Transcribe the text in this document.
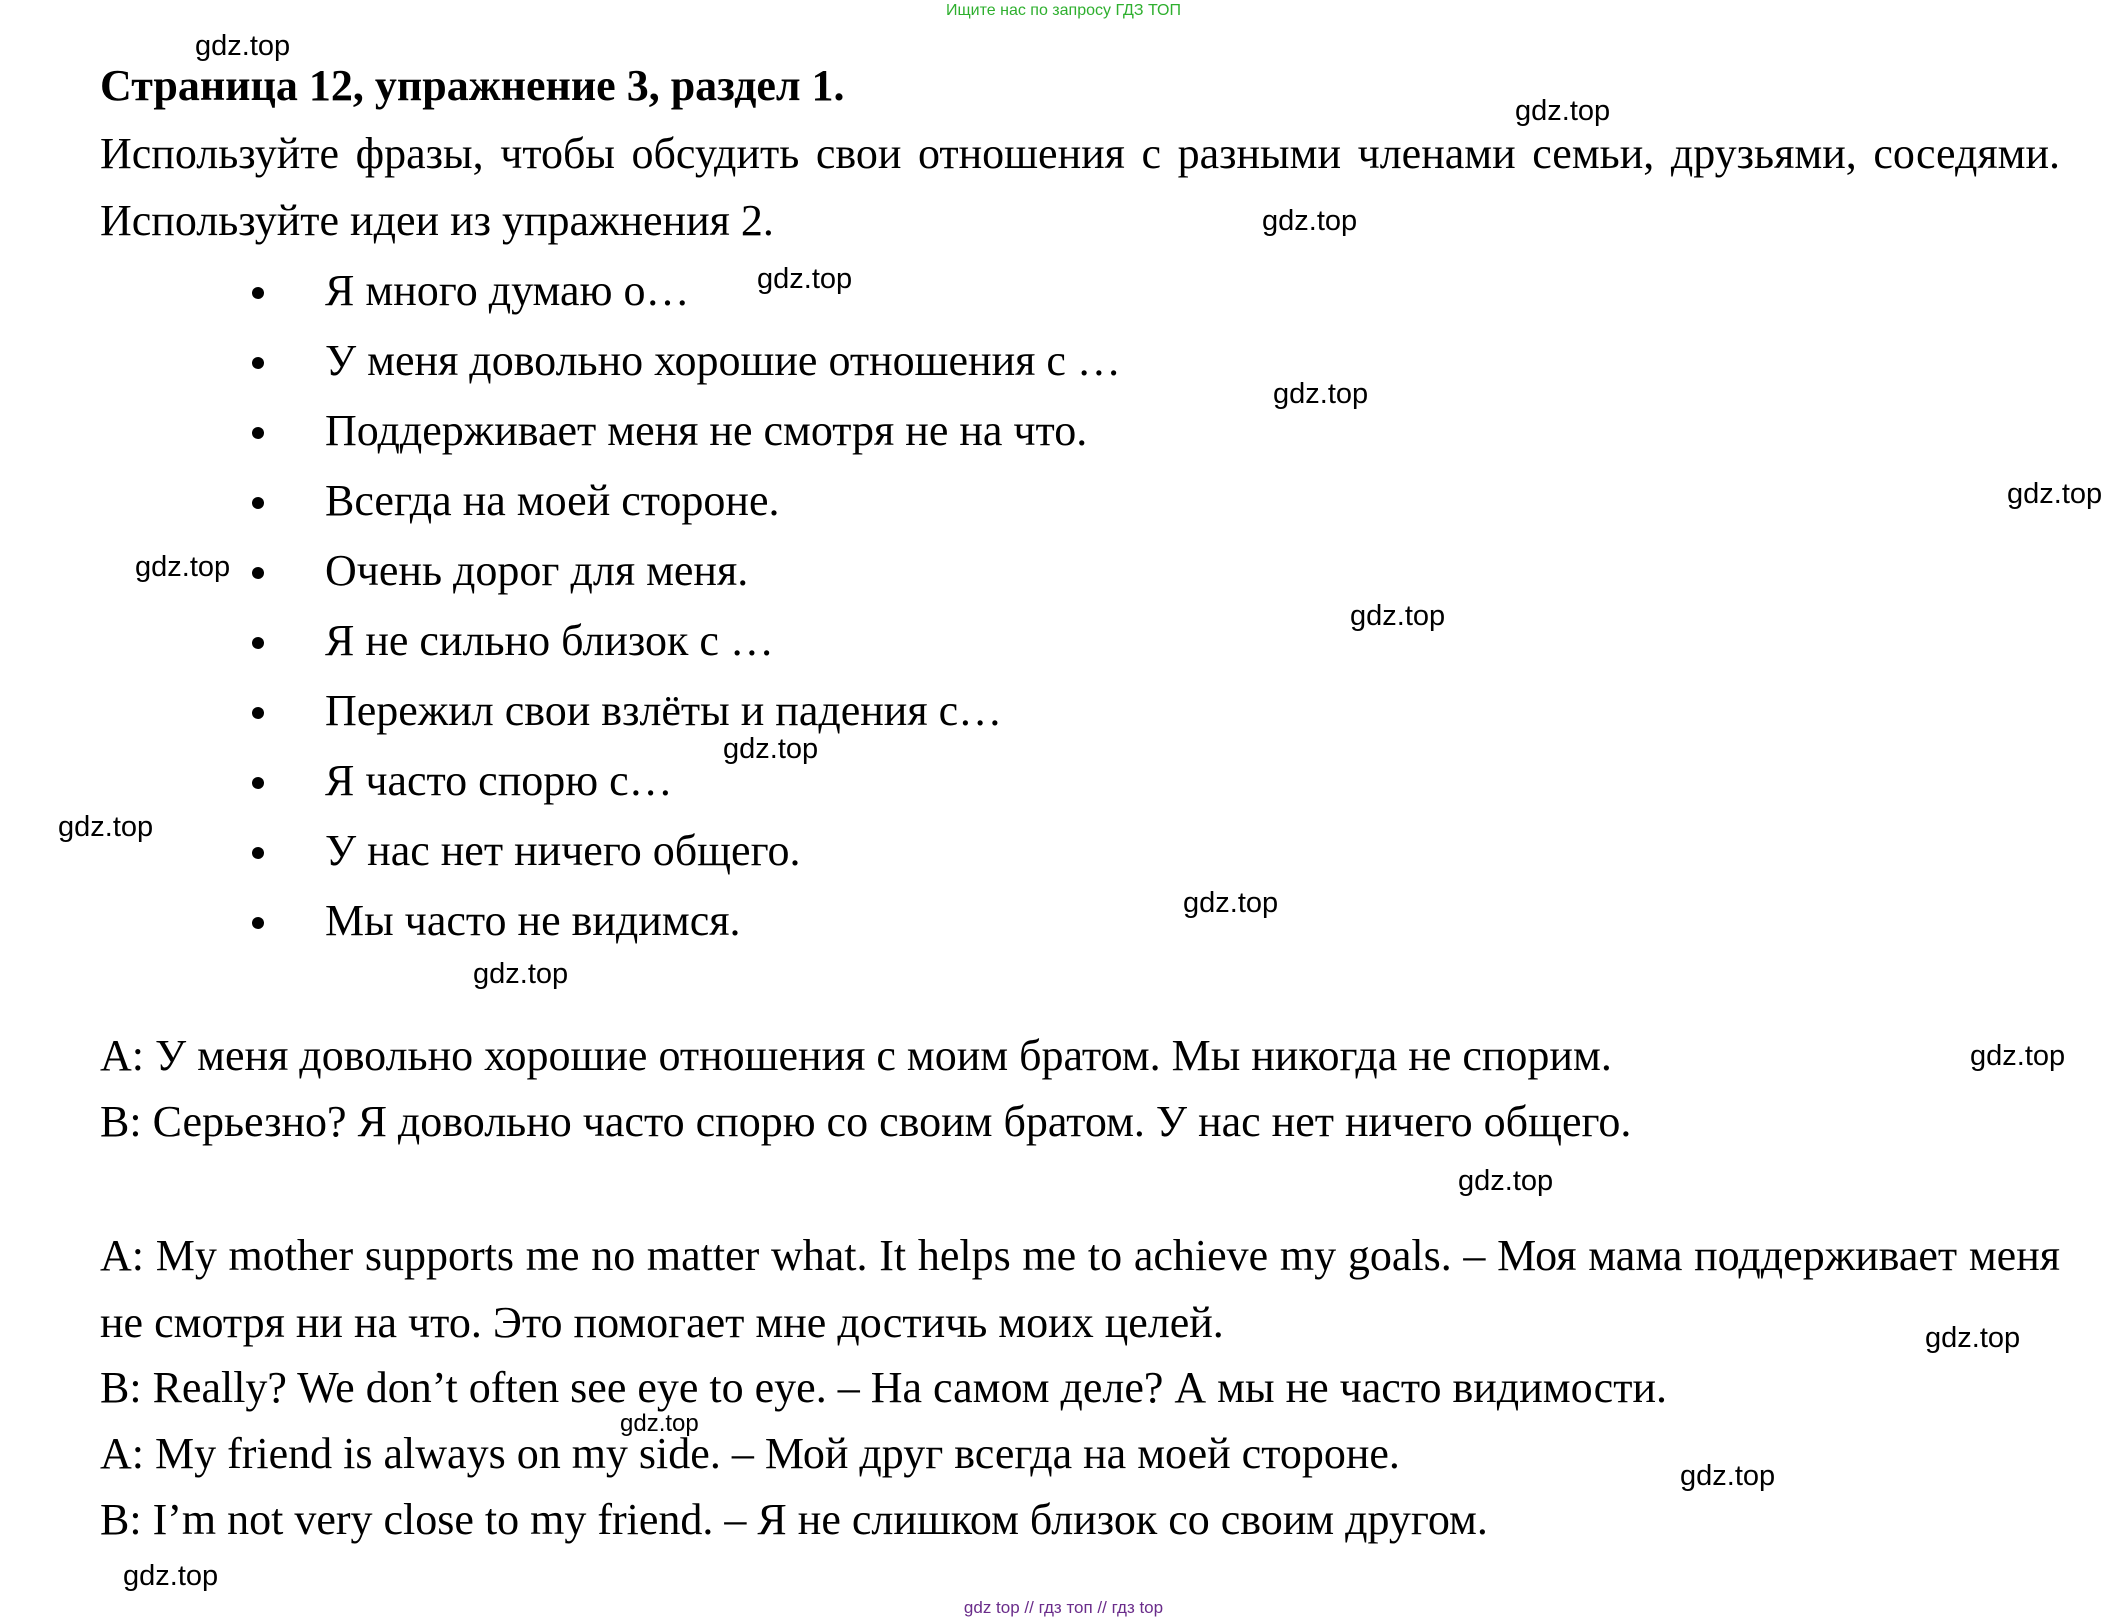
Ищите нас по запросу ГДЗ ТОП
Страница 12, упражнение 3, раздел 1.
Используйте фразы, чтобы обсудить свои отношения с разными членами семьи, друзьями, соседями. Используйте идеи из упражнения 2.
Я много думаю о…
У меня довольно хорошие отношения с …
Поддерживает меня не смотря не на что.
Всегда на моей стороне.
Очень дорог для меня.
Я не сильно близок с …
Пережил свои взлёты и падения с…
Я часто спорю с…
У нас нет ничего общего.
Мы часто не видимся.
А: У меня довольно хорошие отношения с моим братом. Мы никогда не спорим.
B: Серьезно? Я довольно часто спорю со своим братом. У нас нет ничего общего.
A: My mother supports me no matter what. It helps me to achieve my goals. – Моя мама поддерживает меня не смотря ни на что. Это помогает мне достичь моих целей.
B: Really? We don’t often see eye to eye. – На самом деле? А мы не часто видимости.
A: My friend is always on my side. – Мой друг всегда на моей стороне.
B: I’m not very close to my friend. – Я не слишком близок со своим другом.
gdz.top
gdz.top
gdz.top
gdz.top
gdz.top
gdz.top
gdz.top
gdz.top
gdz.top
gdz.top
gdz.top
gdz.top
gdz.top
gdz.top
gdz.top
gdz.top
gdz.top
gdz.top
gdz top // гдз топ // гдз top
